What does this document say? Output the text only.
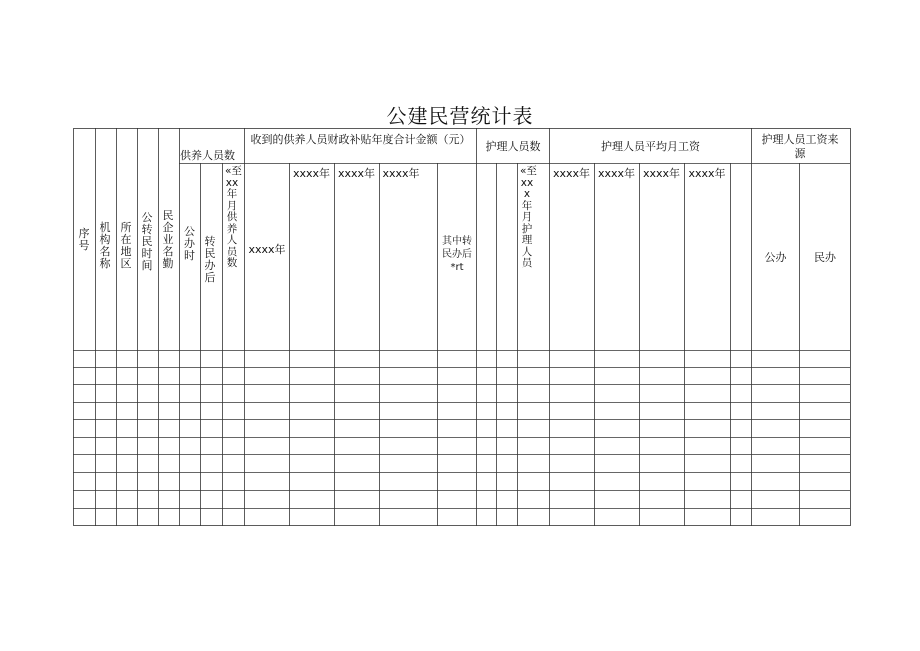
公建民营统计表
序号
机构名称
所在地区
公转民时间
民企业名勤
供养人员数
公办时
转民办后
«至xx年月供养人员数
收到的供养人员财政补贴年度合计金额（元）
xxxx年
xxxx年 xxxx年 xxxx年
其中转民办后*rt
护理人员数
«至xxx年月护理人员
护理人员平均月工资
xxxx年 xxxx年 xxxx年 xxxx年
护理人员工资来源
公办	民办
